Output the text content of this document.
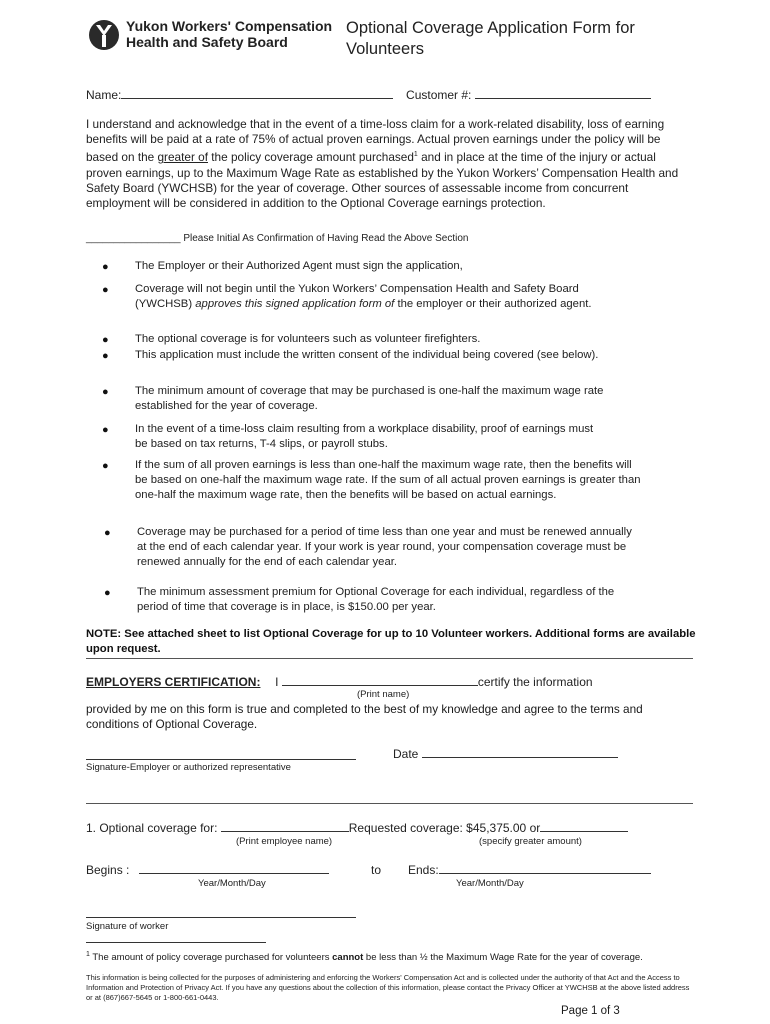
Yukon Workers' Compensation
Health and Safety Board
Optional Coverage Application Form for Volunteers
Name:	Customer #:
I understand and acknowledge that in the event of a time-loss claim for a work-related disability, loss of earning benefits will be paid at a rate of 75% of actual proven earnings. Actual proven earnings under the policy will be based on the greater of the policy coverage amount purchased$^1$ and in place at the time of the injury or actual proven earnings, up to the Maximum Wage Rate as established by the Yukon Workers’ Compensation Health and Safety Board (YWCHSB) for the year of coverage. Other sources of assessable income from concurrent employment will be considered in addition to the Optional Coverage earnings protection.
_________________ Please Initial As Confirmation of Having Read the Above Section
● The Employer or their Authorized Agent must sign the application,
● Coverage will not begin until the Yukon Workers’ Compensation Health and Safety Board (YWCHSB) approves this signed application form of the employer or their authorized agent.
● The optional coverage is for volunteers such as volunteer firefighters.
● This application must include the written consent of the individual being covered (see below).
● The minimum amount of coverage that may be purchased is one-half the maximum wage rate established for the year of coverage.
● In the event of a time-loss claim resulting from a workplace disability, proof of earnings must be based on tax returns, T-4 slips, or payroll stubs.
● If the sum of all proven earnings is less than one-half the maximum wage rate, then the benefits will be based on one-half the maximum wage rate. If the sum of all actual proven earnings is greater than one-half the maximum wage rate, then the benefits will be based on actual earnings.
● Coverage may be purchased for a period of time less than one year and must be renewed annually at the end of each calendar year. If your work is year round, your compensation coverage must be renewed annually for the end of each calendar year.
● The minimum assessment premium for Optional Coverage for each individual, regardless of the period of time that coverage is in place, is $150.00 per year.
NOTE: See attached sheet to list Optional Coverage for up to 10 Volunteer workers. Additional forms are available upon request.
EMPLOYERS CERTIFICATION: I	certify the information
(Print name)
provided by me on this form is true and completed to the best of my knowledge and agree to the terms and conditions of Optional Coverage.
Date
Signature-Employer or authorized representative
1. Optional coverage for:	Requested coverage: $45,375.00 or
(Print employee name)	(specify greater amount)
Begins :	to Ends:
Year/Month/Day	Year/Month/Day
Signature of worker
$^1$ The amount of policy coverage purchased for volunteers cannot be less than ½ the Maximum Wage Rate for the year of coverage.
This information is being collected for the purposes of administering and enforcing the Workers' Compensation Act and is collected under the authority of that Act and the Access to Information and Protection of Privacy Act. If you have any questions about the collection of this information, please contact the Privacy Officer at YWCHSB at the above listed address or at (867)667-5645 or 1-800-661-0443.
Page 1 of 3
